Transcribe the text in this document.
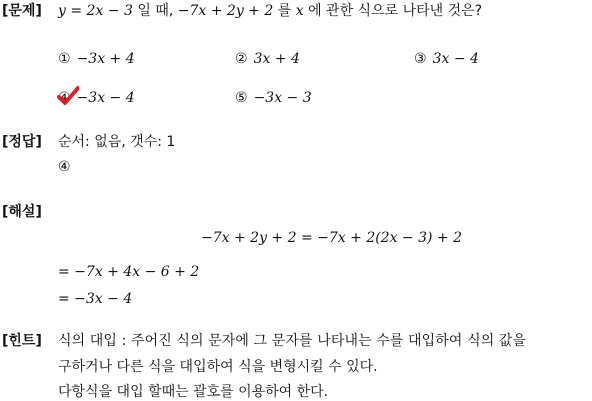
[문제] y = 2x − 3 일 때, −7x + 2y + 2 를 x 에 관한 식으로 나타낸 것은?
① −3x + 4	② 3x + 4	③ 3x − 4
④ −3x − 4	⑤ −3x − 3
[정답] 순서: 없음, 갯수: 1
④
[해설]
−7x + 2y + 2 = −7x + 2(2x − 3) + 2
= −7x + 4x − 6 + 2
= −3x − 4
[힌트] 식의 대입 : 주어진 식의 문자에 그 문자를 나타내는 수를 대입하여 식의 값을
구하거나 다른 식을 대입하여 식을 변형시킬 수 있다.
다항식을 대입 할때는 괄호를 이용하여 한다.
